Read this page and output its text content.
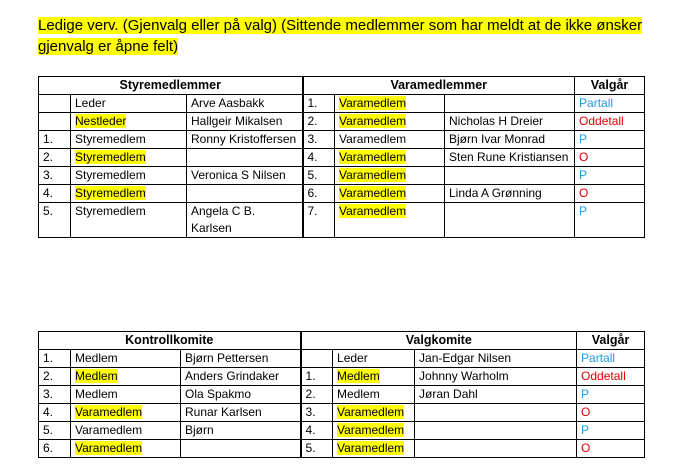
Ledige verv. (Gjenvalg eller på valg) (Sittende medlemmer som har meldt at de ikke ønsker gjenvalg er åpne felt)
Styremedlemmer			Varamedlemmer			Valgår
	Leder	Arve Aasbakk	1.	Varamedlem		Partall
	Nestleder	Hallgeir Mikalsen	2.	Varamedlem	Nicholas H Dreier	Oddetall
1.	Styremedlem	Ronny Kristoffersen	3.	Varamedlem	Bjørn Ivar Monrad	P
2.	Styremedlem		4.	Varamedlem	Sten Rune Kristiansen	O
3.	Styremedlem	Veronica S Nilsen	5.	Varamedlem		P
4.	Styremedlem		6.	Varamedlem	Linda A Grønning	O
5.	Styremedlem	Angela C B. Karlsen	7.	Varamedlem		P
Kontrollkomite			Valgkomite			Valgår
1.	Medlem	Bjørn Pettersen		Leder	Jan-Edgar Nilsen	Partall
2.	Medlem	Anders Grindaker	1.	Medlem	Johnny Warholm	Oddetall
3.	Medlem	Ola Spakmo	2.	Medlem	Jøran Dahl	P
4.	Varamedlem	Runar Karlsen	3.	Varamedlem		O
5.	Varamedlem	Bjørn	4.	Varamedlem		P
6.	Varamedlem		5.	Varamedlem		O
